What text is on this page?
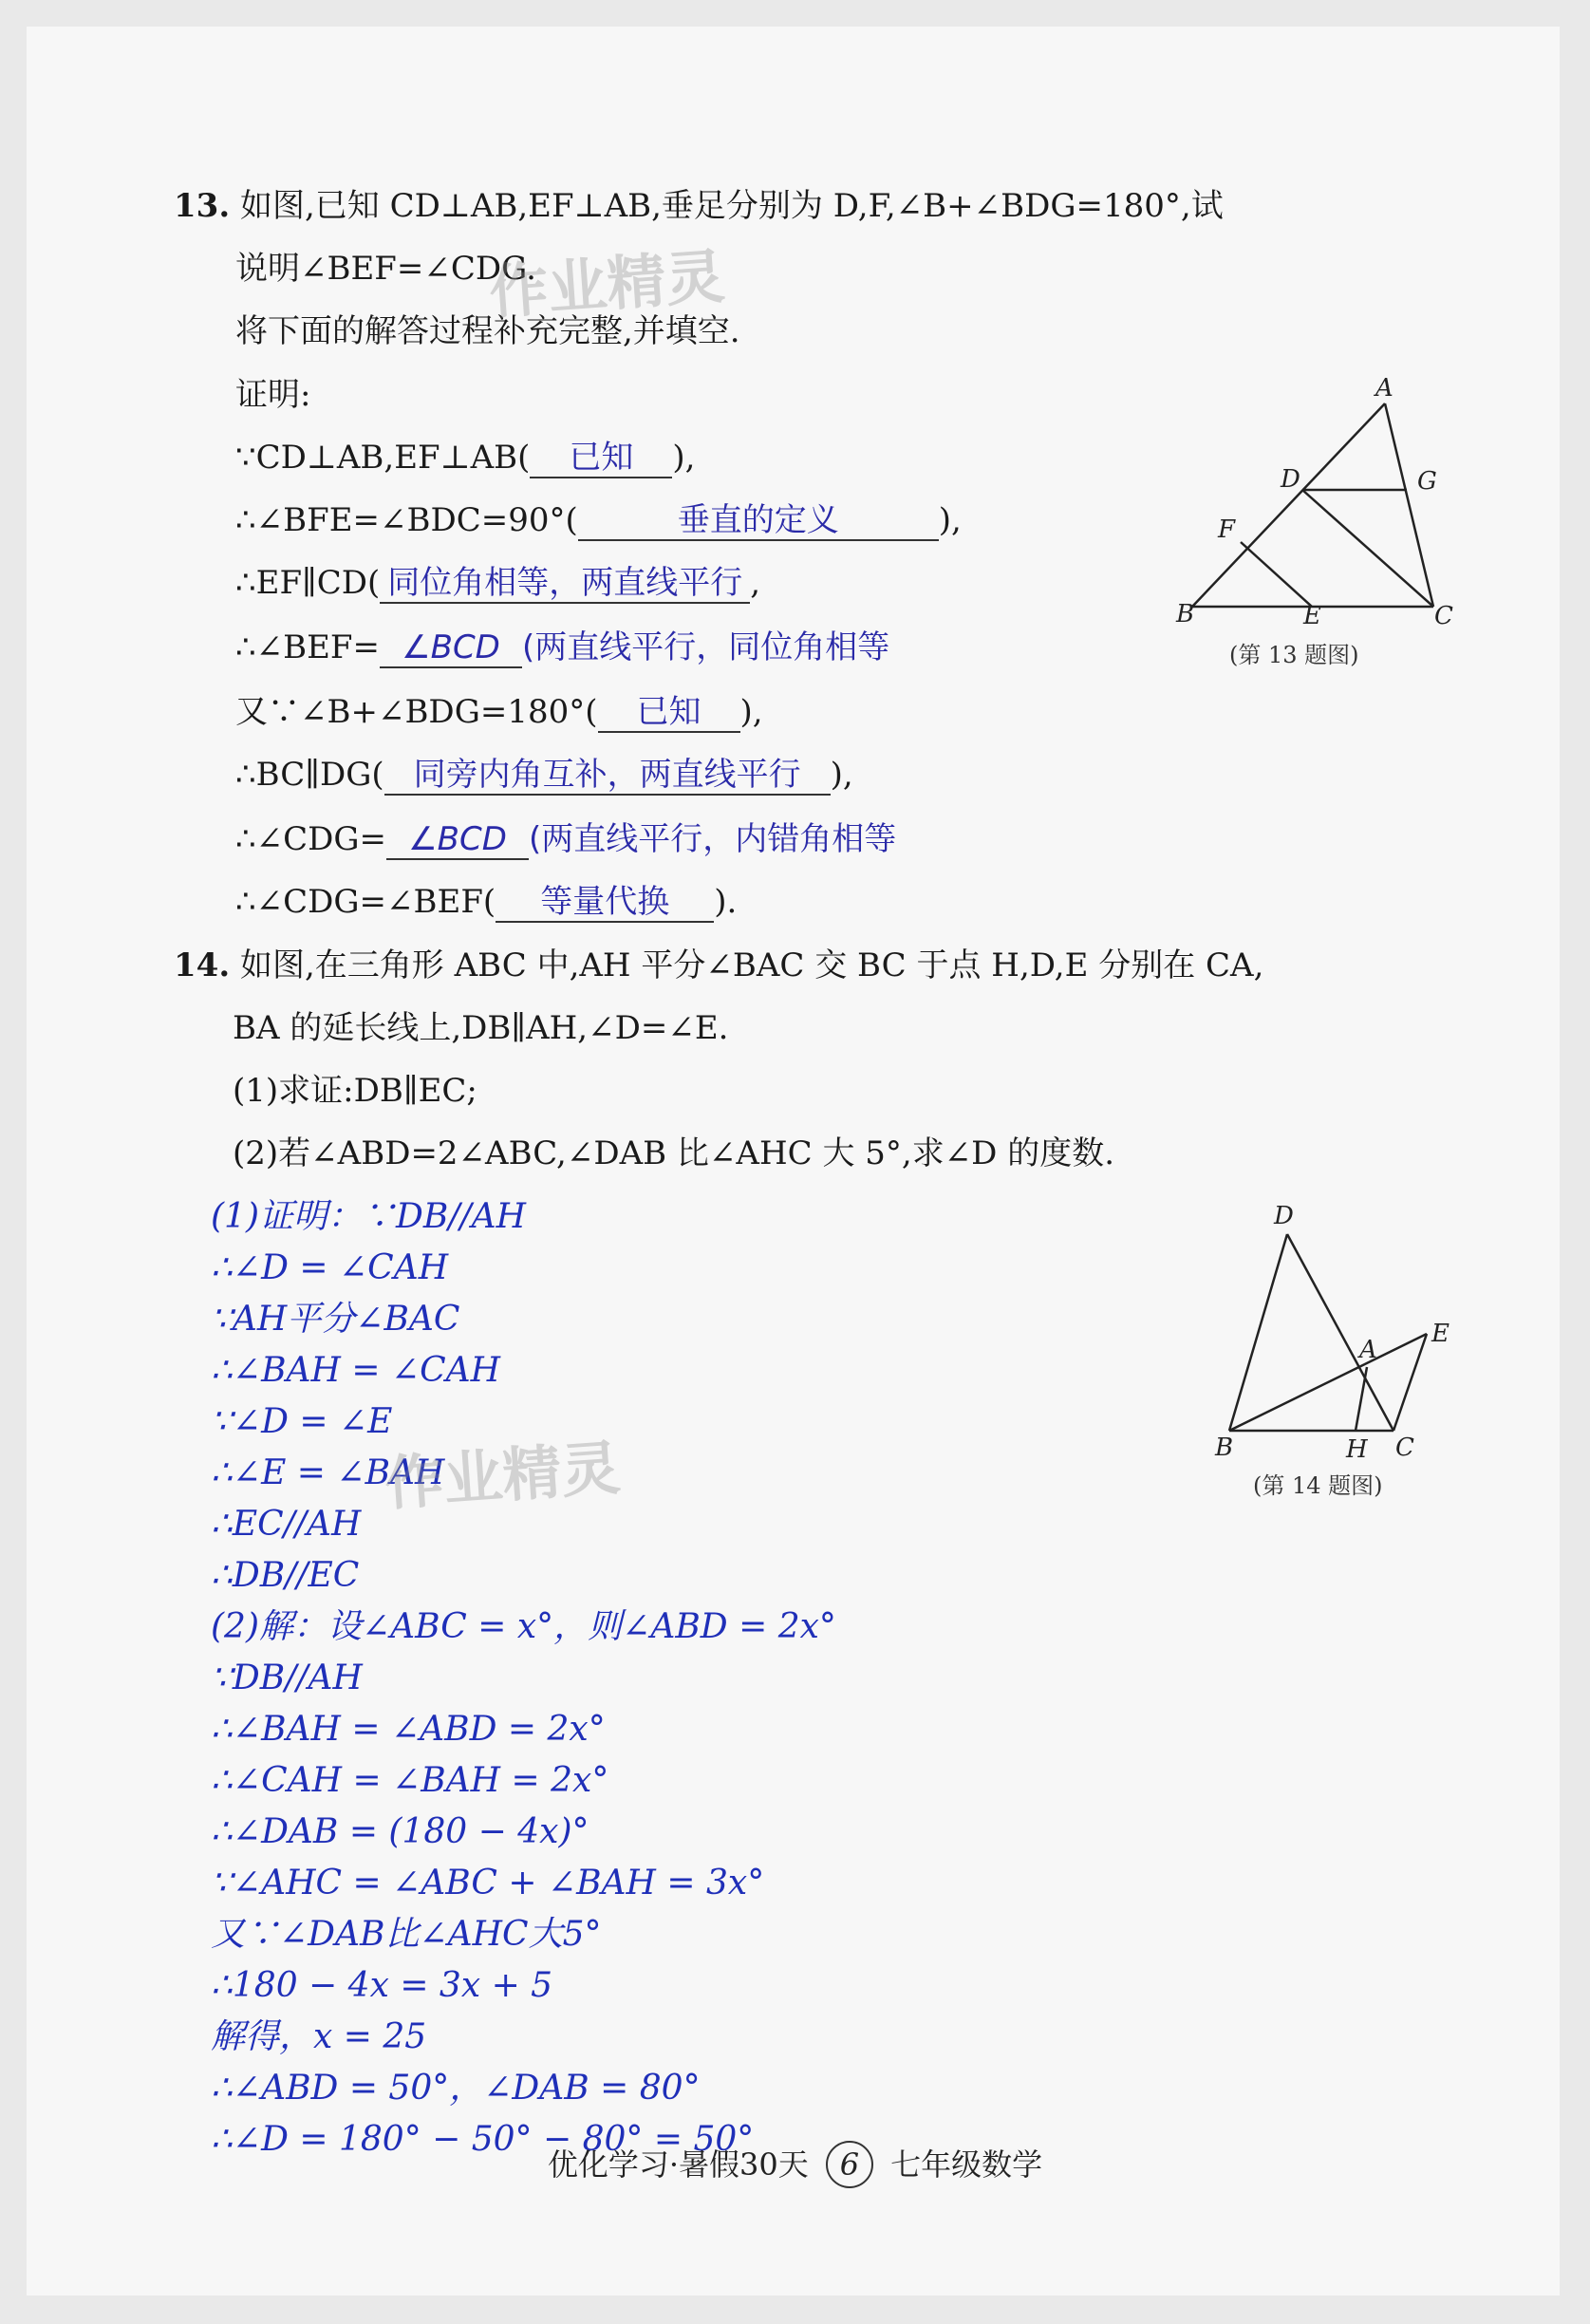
13. 如图,已知 CD⊥AB,EF⊥AB,垂足分别为 D,F,∠B+∠BDG=180°,试
说明∠BEF=∠CDG.
将下面的解答过程补充完整,并填空.
证明:
∵CD⊥AB,EF⊥AB( 已知 ),
∴∠BFE=∠BDC=90°(	垂直的定义	),
∴EF∥CD( 同位角相等，两直线平行 ,
∴∠BEF= ∠BCD (两直线平行，同位角相等
又∵∠B+∠BDG=180°( 已知 ),
∴BC∥DG( 同旁内角互补，两直线平行 ),
∴∠CDG= ∠BCD (两直线平行，内错角相等
∴∠CDG=∠BEF( 等量代换 ).
A
D	G
F
B	E	C
(第 13 题图)
14. 如图,在三角形 ABC 中,AH 平分∠BAC 交 BC 于点 H,D,E 分别在 CA,
BA 的延长线上,DB∥AH,∠D=∠E.
(1)求证:DB∥EC;
(2)若∠ABD=2∠ABC,∠DAB 比∠AHC 大 5°,求∠D 的度数.
(1)证明：∵DB//AH
∴∠D = ∠CAH
∵AH平分∠BAC
∴∠BAH = ∠CAH
∵∠D = ∠E
∴∠E = ∠BAH
∴EC//AH
∴DB//EC
(2)解：设∠ABC = x°，则∠ABD = 2x°
∵DB//AH
∴∠BAH = ∠ABD = 2x°
∴∠CAH = ∠BAH = 2x°
∴∠DAB = (180 − 4x)°
∵∠AHC = ∠ABC + ∠BAH = 3x°
又∵∠DAB比∠AHC大5°
∴180 − 4x = 3x + 5
解得，x = 25
∴∠ABD = 50°，∠DAB = 80°
∴∠D = 180° − 50° − 80° = 50°
D
A
E
B	H C
(第 14 题图)
作业精灵
作业精灵
优化学习·暑假30天 6 七年级数学
